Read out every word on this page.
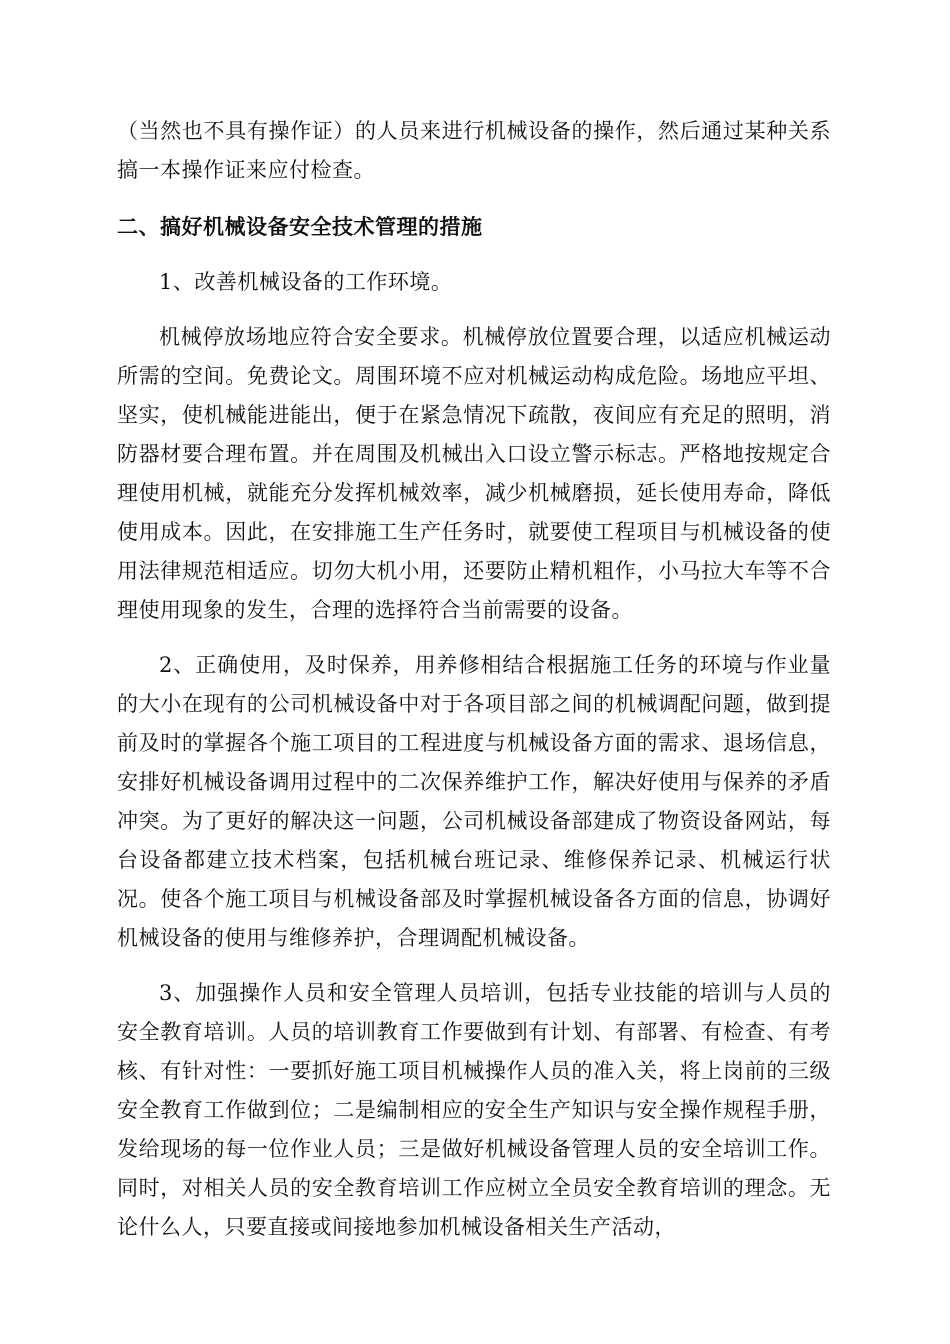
（当然也不具有操作证）的人员来进行机械设备的操作，然后通过某种关系搞一本操作证来应付检查。

二、搞好机械设备安全技术管理的措施

1、改善机械设备的工作环境。

机械停放场地应符合安全要求。机械停放位置要合理，以适应机械运动所需的空间。免费论文。周围环境不应对机械运动构成危险。场地应平坦、坚实，使机械能进能出，便于在紧急情况下疏散，夜间应有充足的照明，消防器材要合理布置。并在周围及机械出入口设立警示标志。严格地按规定合理使用机械，就能充分发挥机械效率，减少机械磨损，延长使用寿命，降低使用成本。因此，在安排施工生产任务时，就要使工程项目与机械设备的使用法律规范相适应。切勿大机小用，还要防止精机粗作，小马拉大车等不合理使用现象的发生，合理的选择符合当前需要的设备。

2、正确使用，及时保养，用养修相结合根据施工任务的环境与作业量的大小在现有的公司机械设备中对于各项目部之间的机械调配问题，做到提前及时的掌握各个施工项目的工程进度与机械设备方面的需求、退场信息，安排好机械设备调用过程中的二次保养维护工作，解决好使用与保养的矛盾冲突。为了更好的解决这一问题，公司机械设备部建成了物资设备网站，每台设备都建立技术档案，包括机械台班记录、维修保养记录、机械运行状况。使各个施工项目与机械设备部及时掌握机械设备各方面的信息，协调好机械设备的使用与维修养护，合理调配机械设备。

3、加强操作人员和安全管理人员培训，包括专业技能的培训与人员的安全教育培训。人员的培训教育工作要做到有计划、有部署、有检查、有考核、有针对性：一要抓好施工项目机械操作人员的准入关，将上岗前的三级安全教育工作做到位；二是编制相应的安全生产知识与安全操作规程手册，发给现场的每一位作业人员；三是做好机械设备管理人员的安全培训工作。同时，对相关人员的安全教育培训工作应树立全员安全教育培训的理念。无论什么人，只要直接或间接地参加机械设备相关生产活动，
